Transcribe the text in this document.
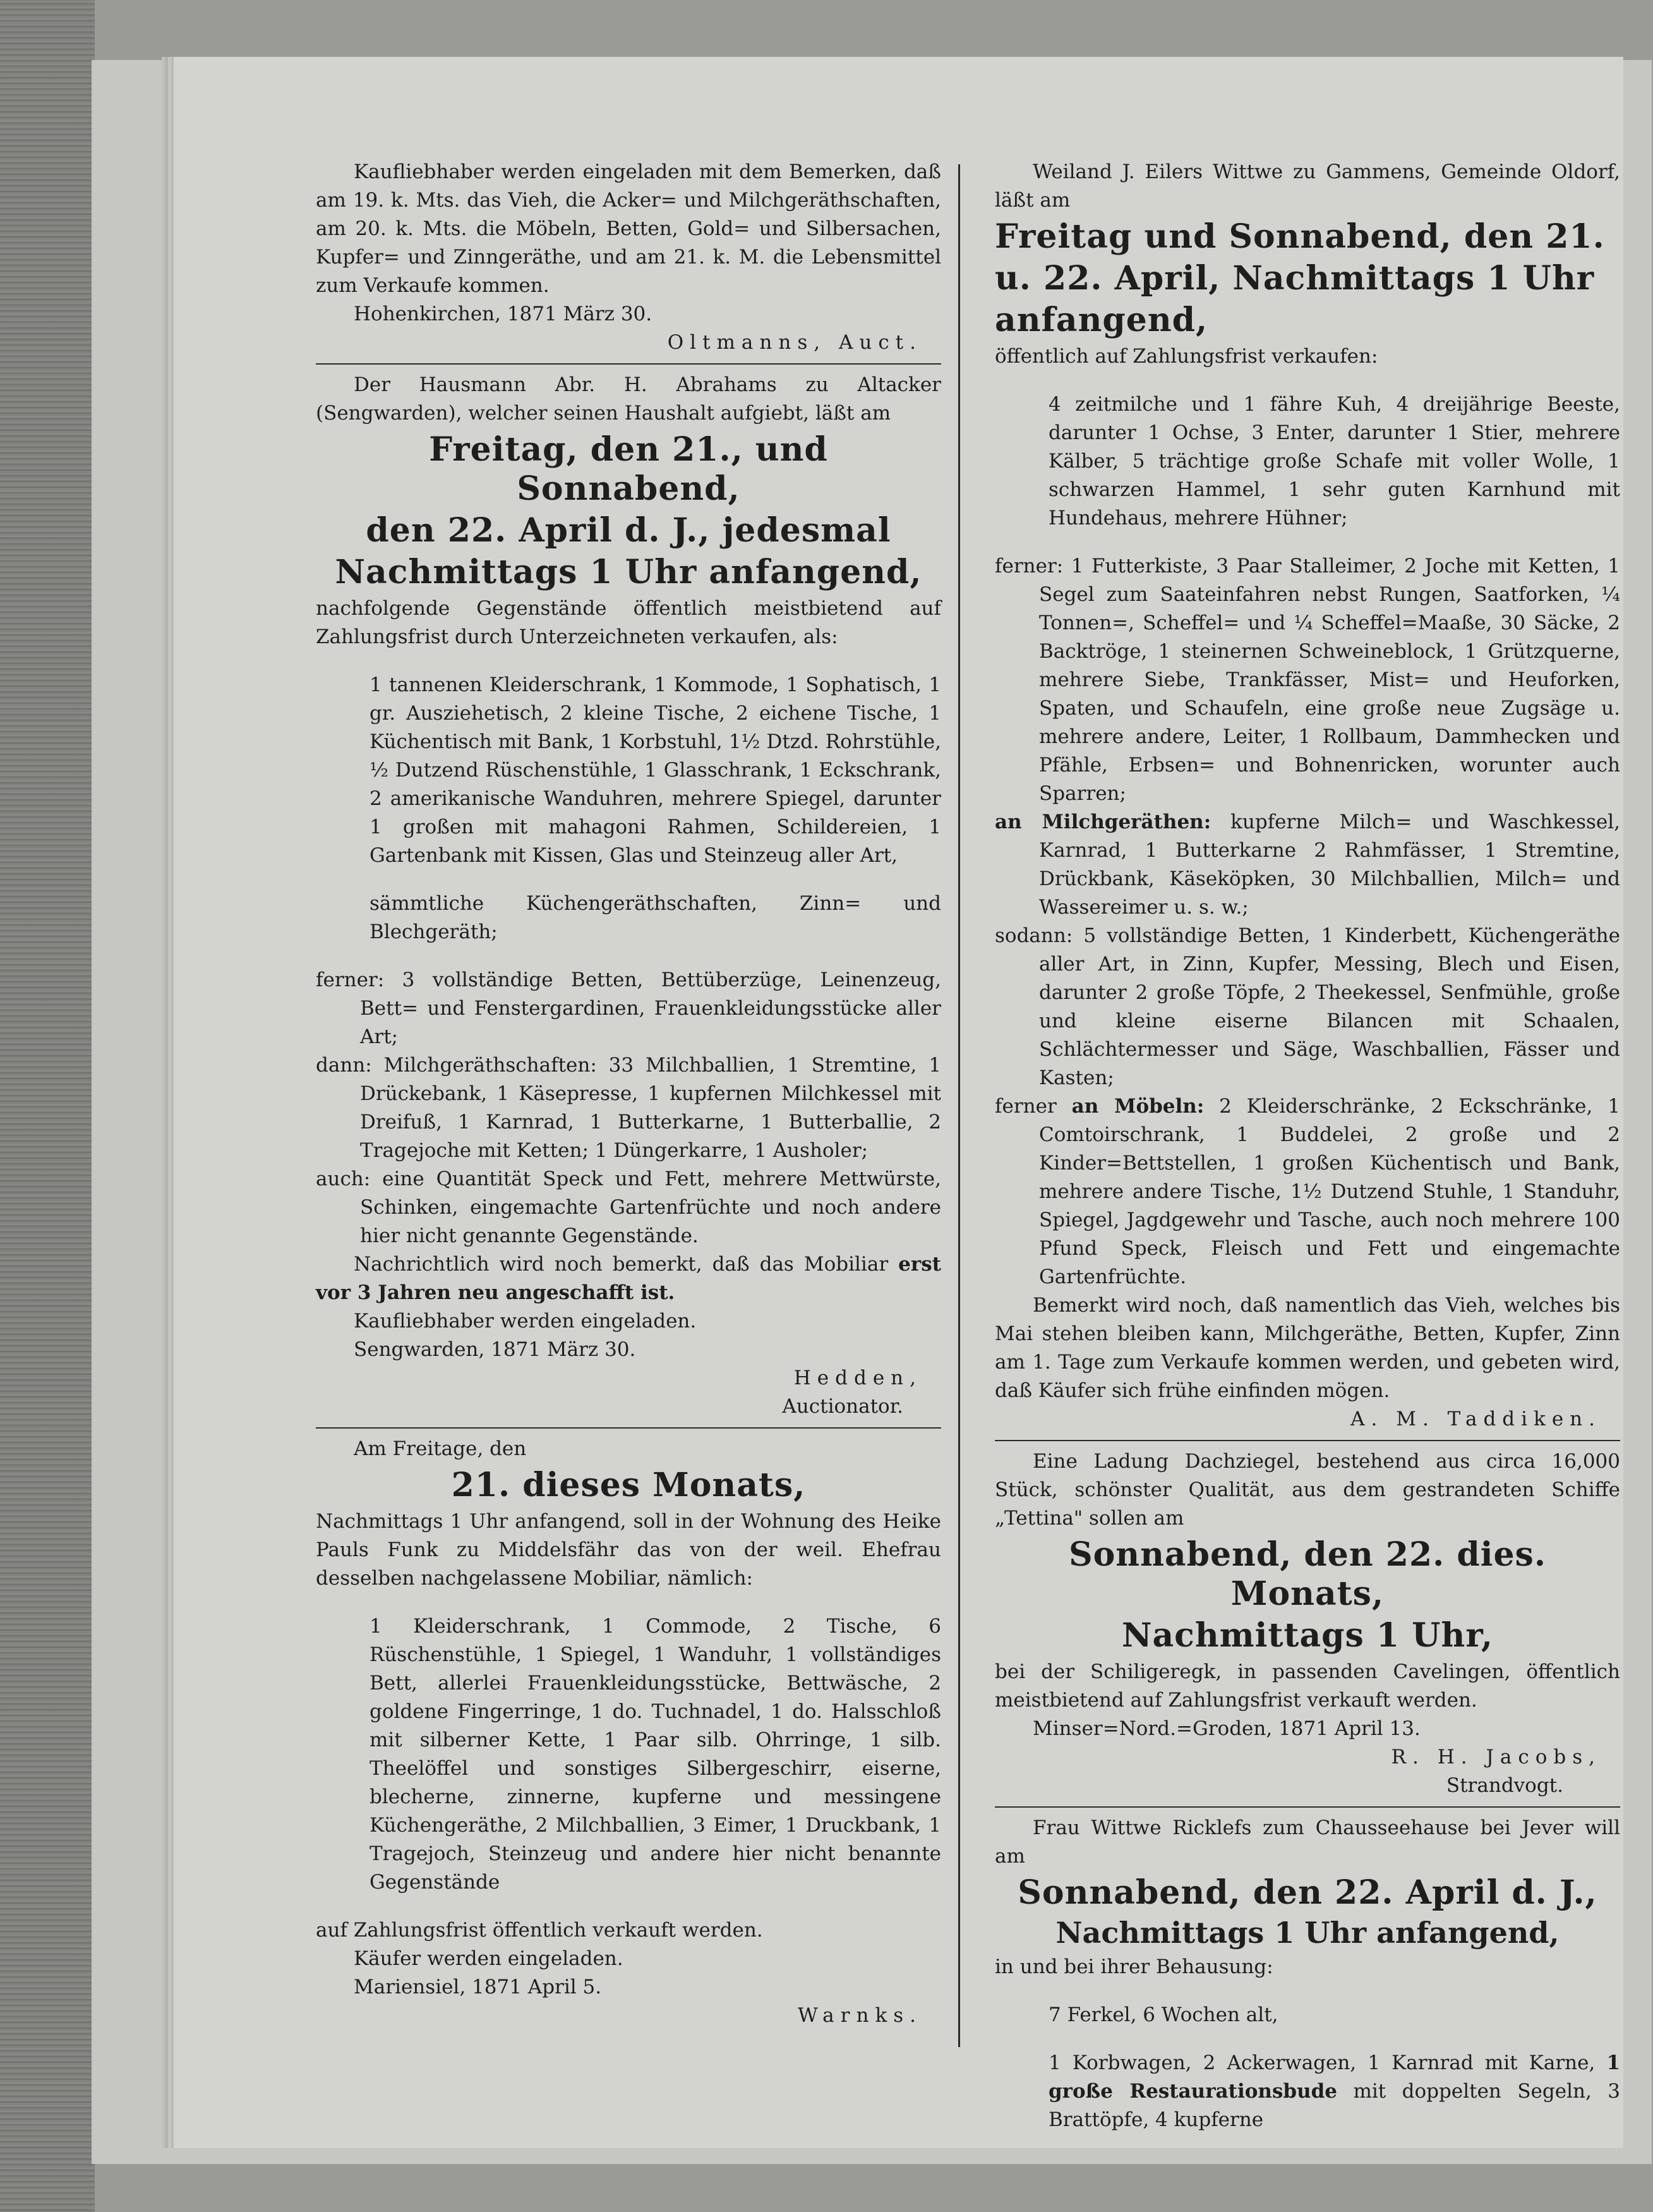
Kaufliebhaber werden eingeladen mit dem Bemerken, daß am 19. k. Mts. das Vieh, die Acker= und Milchgeräthschaften, am 20. k. Mts. die Möbeln, Betten, Gold= und Silbersachen, Kupfer= und Zinngeräthe, und am 21. k. M. die Lebensmittel zum Verkaufe kommen.

Hohenkirchen, 1871 März 30.
Oltmanns, Auct.

Der Hausmann Abr. H. Abrahams zu Altacker (Sengwarden), welcher seinen Haushalt aufgiebt, läßt am

Freitag, den 21., und Sonnabend,
den 22. April d. J., jedesmal
Nachmittags 1 Uhr anfangend,

nachfolgende Gegenstände öffentlich meistbietend auf Zahlungsfrist durch Unterzeichneten verkaufen, als:

1 tannenen Kleiderschrank, 1 Kommode, 1 Sophatisch, 1 gr. Ausziehetisch, 2 kleine Tische, 2 eichene Tische, 1 Küchentisch mit Bank, 1 Korbstuhl, 1½ Dtzd. Rohrstühle, ½ Dutzend Rüschenstühle, 1 Glasschrank, 1 Eckschrank, 2 amerikanische Wanduhren, mehrere Spiegel, darunter 1 großen mit mahagoni Rahmen, Schildereien, 1 Gartenbank mit Kissen, Glas und Steinzeug aller Art,

sämmtliche Küchengeräthschaften, Zinn= und Blechgeräth;

ferner: 3 vollständige Betten, Bettüberzüge, Leinenzeug, Bett= und Fenstergardinen, Frauenkleidungsstücke aller Art;

dann: Milchgeräthschaften: 33 Milchballien, 1 Stremtine, 1 Drückebank, 1 Käsepresse, 1 kupfernen Milchkessel mit Dreifuß, 1 Karnrad, 1 Butterkarne, 1 Butterballie, 2 Tragejoche mit Ketten; 1 Düngerkarre, 1 Ausholer;

auch: eine Quantität Speck und Fett, mehrere Mettwürste, Schinken, eingemachte Gartenfrüchte und noch andere hier nicht genannte Gegenstände.

Nachrichtlich wird noch bemerkt, daß das Mobiliar erst vor 3 Jahren neu angeschafft ist.

Kaufliebhaber werden eingeladen.
Sengwarden, 1871 März 30.
Hedden,
Auctionator.
Am Freitage, den
21. dieses Monats,

Nachmittags 1 Uhr anfangend, soll in der Wohnung des Heike Pauls Funk zu Middelsfähr das von der weil. Ehefrau desselben nachgelassene Mobiliar, nämlich:

1 Kleiderschrank, 1 Commode, 2 Tische, 6 Rüschenstühle, 1 Spiegel, 1 Wanduhr, 1 vollständiges Bett, allerlei Frauenkleidungsstücke, Bettwäsche, 2 goldene Fingerringe, 1 do. Tuchnadel, 1 do. Halsschloß mit silberner Kette, 1 Paar silb. Ohrringe, 1 silb. Theelöffel und sonstiges Silbergeschirr, eiserne, blecherne, zinnerne, kupferne und messingene Küchengeräthe, 2 Milchballien, 3 Eimer, 1 Druckbank, 1 Tragejoch, Steinzeug und andere hier nicht benannte Gegenstände

auf Zahlungsfrist öffentlich verkauft werden.

Käufer werden eingeladen.
Mariensiel, 1871 April 5.
Warnks.

Weiland J. Eilers Wittwe zu Gammens, Gemeinde Oldorf, läßt am

Freitag und Sonnabend, den 21.
u. 22. April, Nachmittags 1 Uhr
anfangend,

öffentlich auf Zahlungsfrist verkaufen:

4 zeitmilche und 1 fähre Kuh, 4 dreijährige Beeste, darunter 1 Ochse, 3 Enter, darunter 1 Stier, mehrere Kälber, 5 trächtige große Schafe mit voller Wolle, 1 schwarzen Hammel, 1 sehr guten Karnhund mit Hundehaus, mehrere Hühner;

ferner: 1 Futterkiste, 3 Paar Stalleimer, 2 Joche mit Ketten, 1 Segel zum Saateinfahren nebst Rungen, Saatforken, ¼ Tonnen=, Scheffel= und ¼ Scheffel=Maaße, 30 Säcke, 2 Backtröge, 1 steinernen Schweineblock, 1 Grützquerne, mehrere Siebe, Trankfässer, Mist= und Heuforken, Spaten, und Schaufeln, eine große neue Zugsäge u. mehrere andere, Leiter, 1 Rollbaum, Dammhecken und Pfähle, Erbsen= und Bohnenricken, worunter auch Sparren;

an Milchgeräthen: kupferne Milch= und Waschkessel, Karnrad, 1 Butterkarne 2 Rahmfässer, 1 Stremtine, Drückbank, Käseköpken, 30 Milchballien, Milch= und Wassereimer u. s. w.;

sodann: 5 vollständige Betten, 1 Kinderbett, Küchengeräthe aller Art, in Zinn, Kupfer, Messing, Blech und Eisen, darunter 2 große Töpfe, 2 Theekessel, Senfmühle, große und kleine eiserne Bilancen mit Schaalen, Schlächtermesser und Säge, Waschballien, Fässer und Kasten;

ferner an Möbeln: 2 Kleiderschränke, 2 Eckschränke, 1 Comtoirschrank, 1 Buddelei, 2 große und 2 Kinder=Bettstellen, 1 großen Küchentisch und Bank, mehrere andere Tische, 1½ Dutzend Stuhle, 1 Standuhr, Spiegel, Jagdgewehr und Tasche, auch noch mehrere 100 Pfund Speck, Fleisch und Fett und eingemachte Gartenfrüchte.

Bemerkt wird noch, daß namentlich das Vieh, welches bis Mai stehen bleiben kann, Milchgeräthe, Betten, Kupfer, Zinn am 1. Tage zum Verkaufe kommen werden, und gebeten wird, daß Käufer sich frühe einfinden mögen.

A. M. Taddiken.

Eine Ladung Dachziegel, bestehend aus circa 16,000 Stück, schönster Qualität, aus dem gestrandeten Schiffe „Tettina" sollen am

Sonnabend, den 22. dies. Monats,
Nachmittags 1 Uhr,

bei der Schiligeregk, in passenden Cavelingen, öffentlich meistbietend auf Zahlungsfrist verkauft werden.

Minser=Nord.=Groden, 1871 April 13.
R. H. Jacobs,
Strandvogt.

Frau Wittwe Ricklefs zum Chausseehause bei Jever will am

Sonnabend, den 22. April d. J.,
Nachmittags 1 Uhr anfangend,

in und bei ihrer Behausung:

7 Ferkel, 6 Wochen alt,

1 Korbwagen, 2 Ackerwagen, 1 Karnrad mit Karne, 1 große Restaurationsbude mit doppelten Segeln, 3 Brattöpfe, 4 kupferne
